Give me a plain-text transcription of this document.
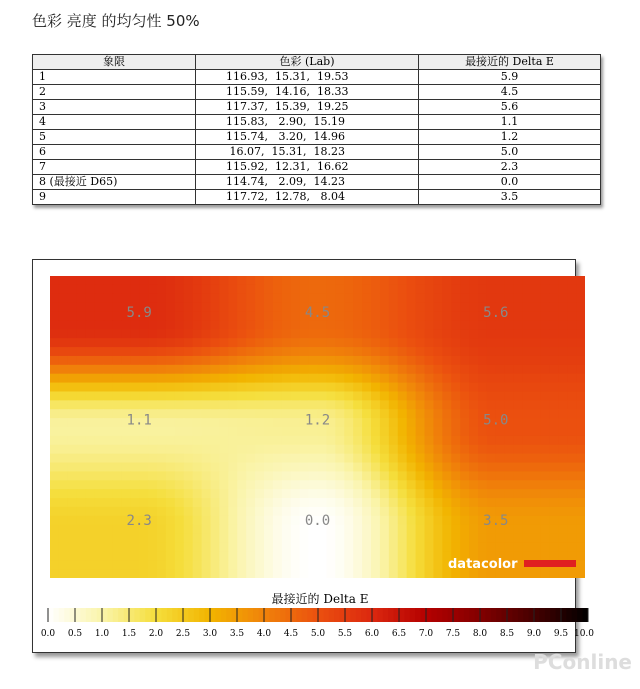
色彩 亮度 的均匀性 50%
象限	色彩 (Lab)	最接近的 Delta E
1	116.93,  15.31,  19.53	5.9
2	115.59,  14.16,  18.33	4.5
3	117.37,  15.39,  19.25	5.6
4	115.83,   2.90,  15.19	1.1
5	115.74,   3.20,  14.96	1.2
6	16.07,  15.31,  18.23	5.0
7	115.92,  12.31,  16.62	2.3
8 (最接近 D65)	114.74,   2.09,  14.23	0.0
9	117.72,  12.78,   8.04	3.5
5.9	4.5	5.6
1.1	1.2	5.0
2.3	0.0	3.5
datacolor
最接近的 Delta E
0.0 0.5 1.0 1.5 2.0 2.5 3.0 3.5 4.0 4.5 5.0 5.5 6.0 6.5 7.0 7.5 8.0 8.5 9.0 9.5 10.0
PConline
